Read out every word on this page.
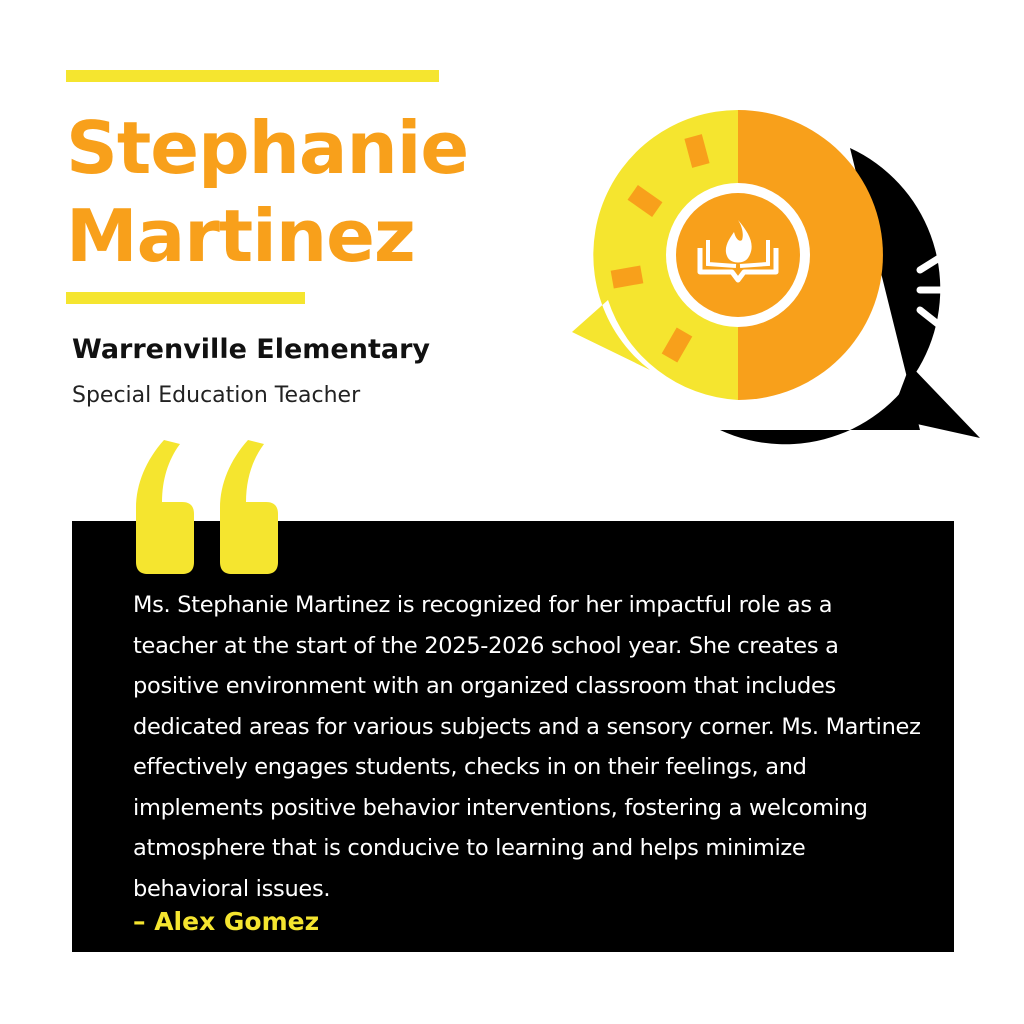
Stephanie
Martinez

Warrenville Elementary

Special Education Teacher

Ms. Stephanie Martinez is recognized for her impactful role as a teacher at the start of the 2025-2026 school year. She creates a positive environment with an organized classroom that includes dedicated areas for various subjects and a sensory corner. Ms. Martinez effectively engages students, checks in on their feelings, and implements positive behavior interventions, fostering a welcoming atmosphere that is conducive to learning and helps minimize behavioral issues.

– Alex Gomez
